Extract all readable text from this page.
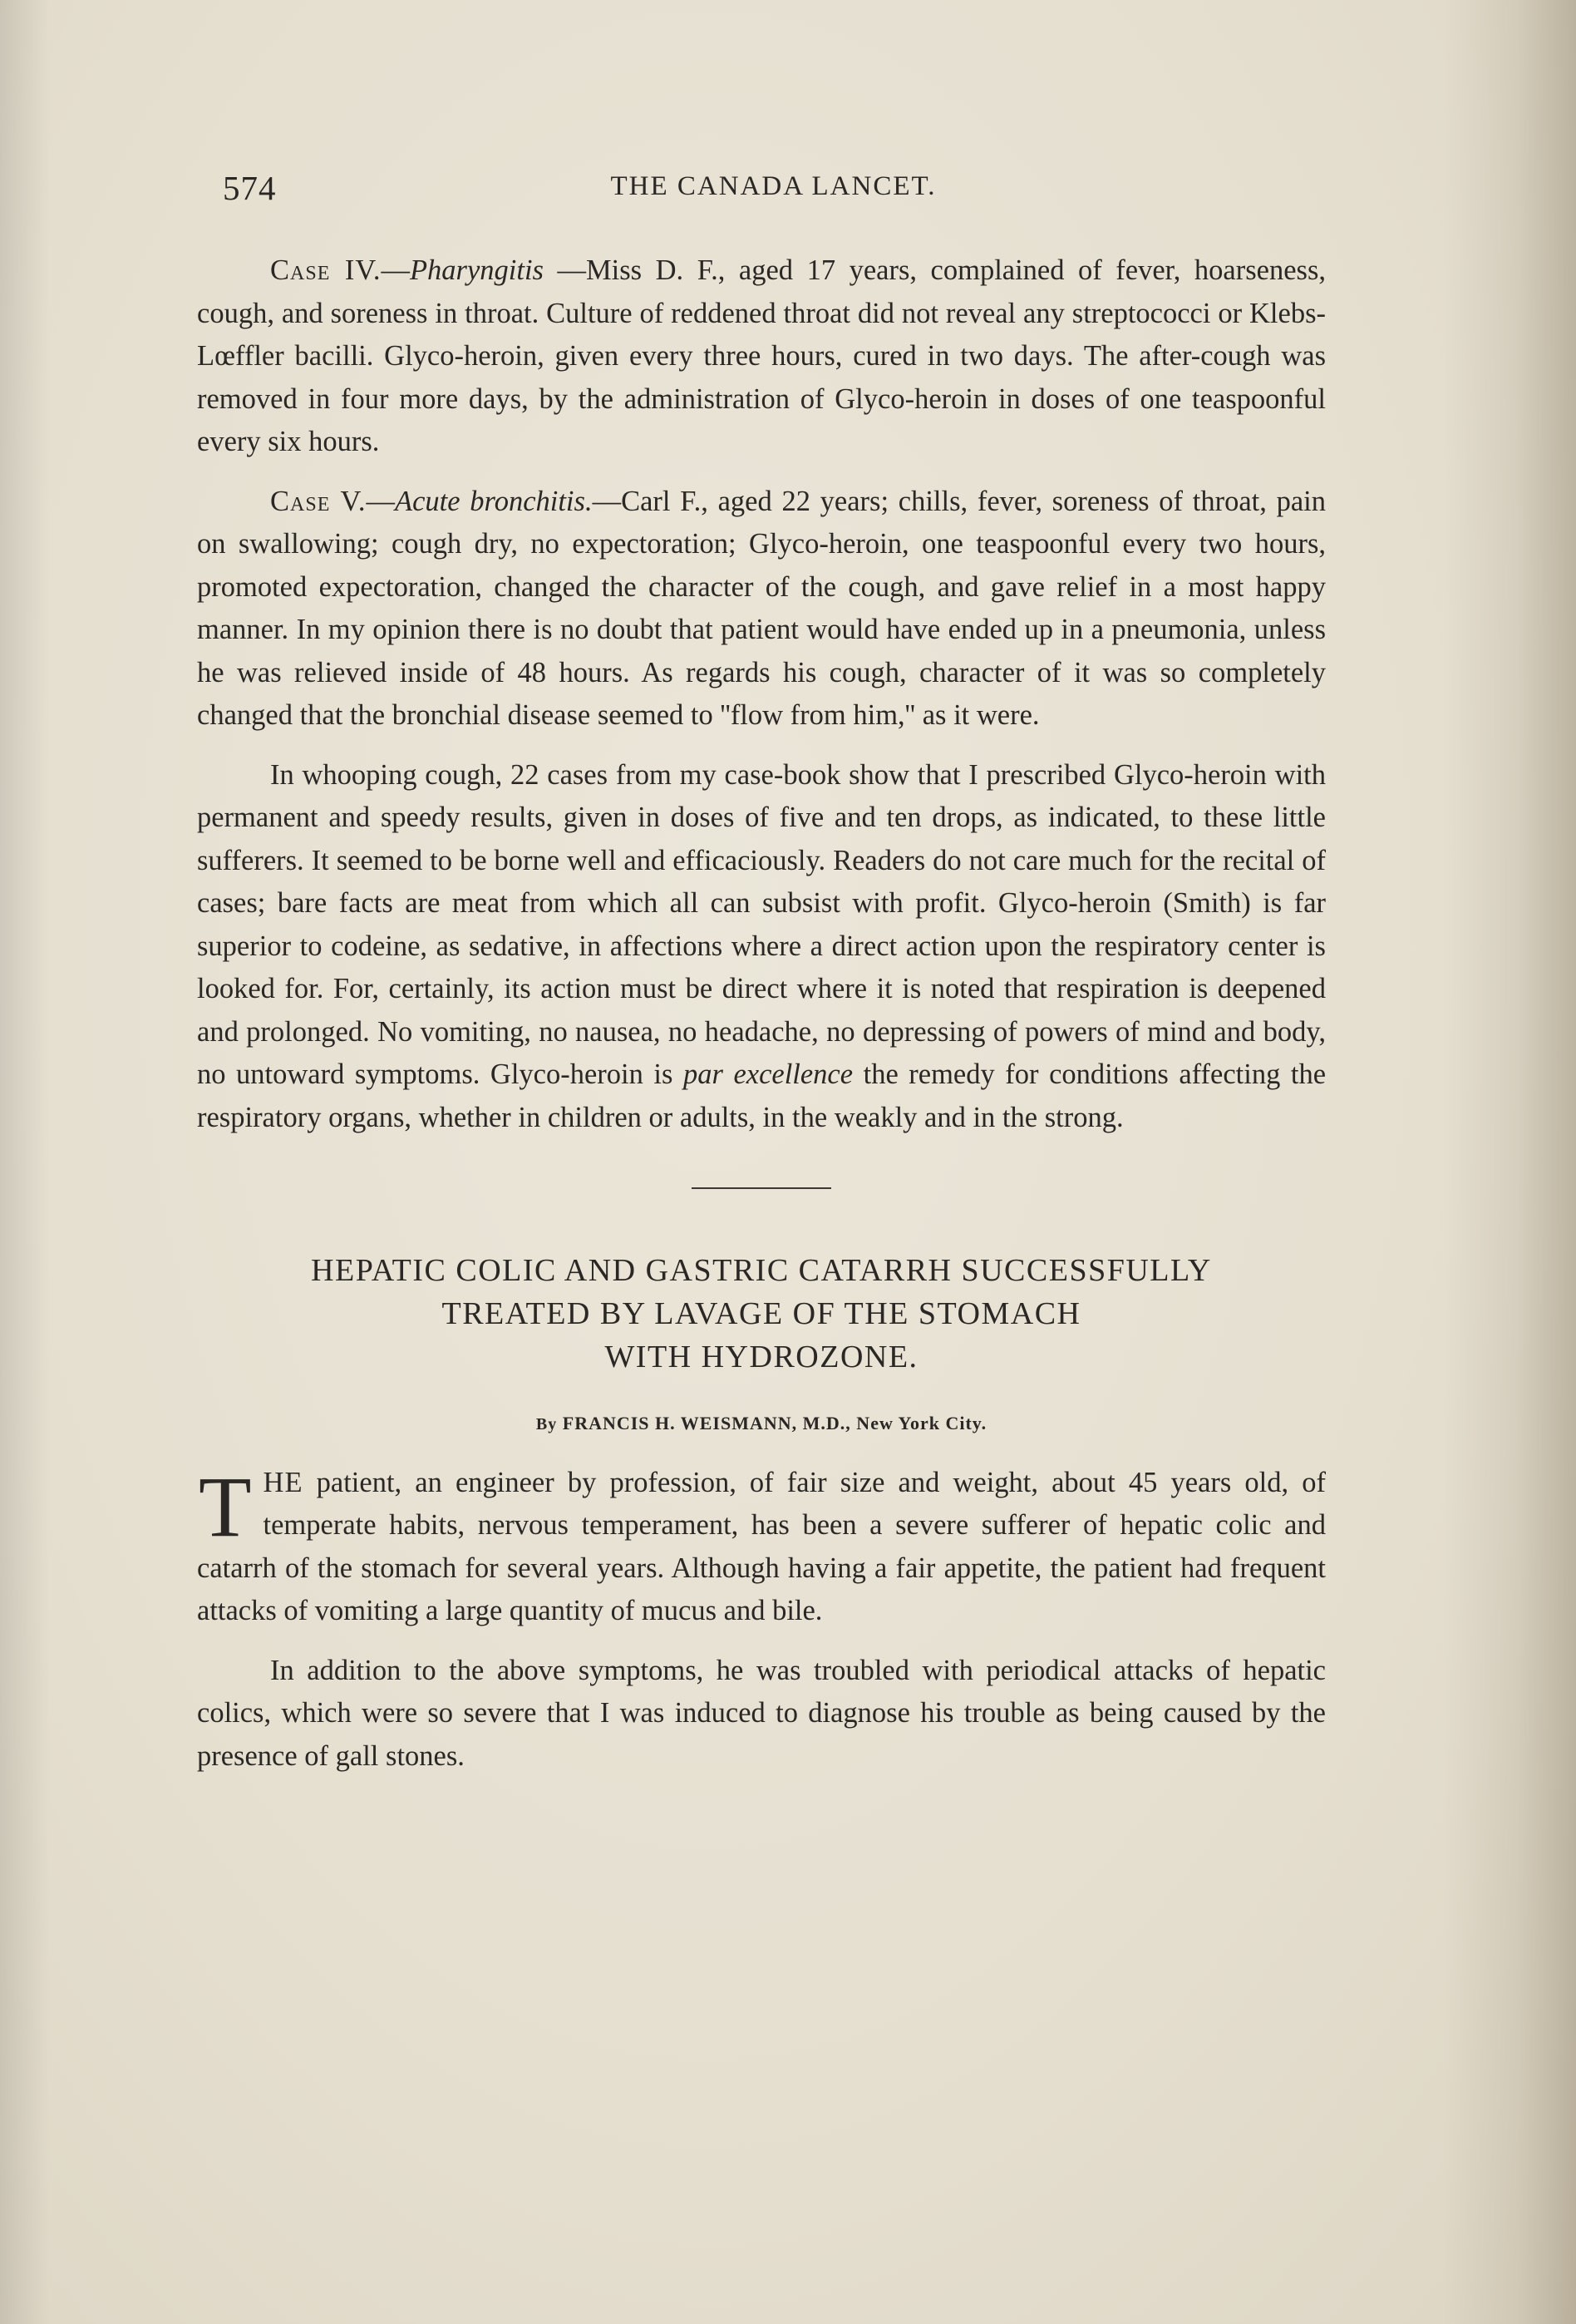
574	THE CANADA LANCET.

Case IV.—Pharyngitis —Miss D. F., aged 17 years, complained of fever, hoarseness, cough, and soreness in throat. Culture of reddened throat did not reveal any streptococci or Klebs-Lœffler bacilli. Glyco-heroin, given every three hours, cured in two days. The after-cough was removed in four more days, by the administration of Glyco-heroin in doses of one teaspoonful every six hours.

Case V.—Acute bronchitis.—Carl F., aged 22 years; chills, fever, soreness of throat, pain on swallowing; cough dry, no expectoration; Glyco-heroin, one teaspoonful every two hours, promoted expectoration, changed the character of the cough, and gave relief in a most happy manner. In my opinion there is no doubt that patient would have ended up in a pneumonia, unless he was relieved inside of 48 hours. As regards his cough, character of it was so completely changed that the bronchial disease seemed to ''flow from him,'' as it were.

In whooping cough, 22 cases from my case-book show that I prescribed Glyco-heroin with permanent and speedy results, given in doses of five and ten drops, as indicated, to these little sufferers. It seemed to be borne well and efficaciously. Readers do not care much for the recital of cases; bare facts are meat from which all can subsist with profit. Glyco-heroin (Smith) is far superior to codeine, as sedative, in affections where a direct action upon the respiratory center is looked for. For, certainly, its action must be direct where it is noted that respiration is deepened and prolonged. No vomiting, no nausea, no headache, no depressing of powers of mind and body, no untoward symptoms. Glyco-heroin is par excellence the remedy for conditions affecting the respiratory organs, whether in children or adults, in the weakly and in the strong.

HEPATIC COLIC AND GASTRIC CATARRH SUCCESSFULLY
TREATED BY LAVAGE OF THE STOMACH
WITH HYDROZONE.
By FRANCIS H. WEISMANN, M.D., New York City.

THE patient, an engineer by profession, of fair size and weight, about 45 years old, of temperate habits, nervous temperament, has been a severe sufferer of hepatic colic and catarrh of the stomach for several years. Although having a fair appetite, the patient had frequent attacks of vomiting a large quantity of mucus and bile.

In addition to the above symptoms, he was troubled with periodical attacks of hepatic colics, which were so severe that I was induced to diagnose his trouble as being caused by the presence of gall stones.
